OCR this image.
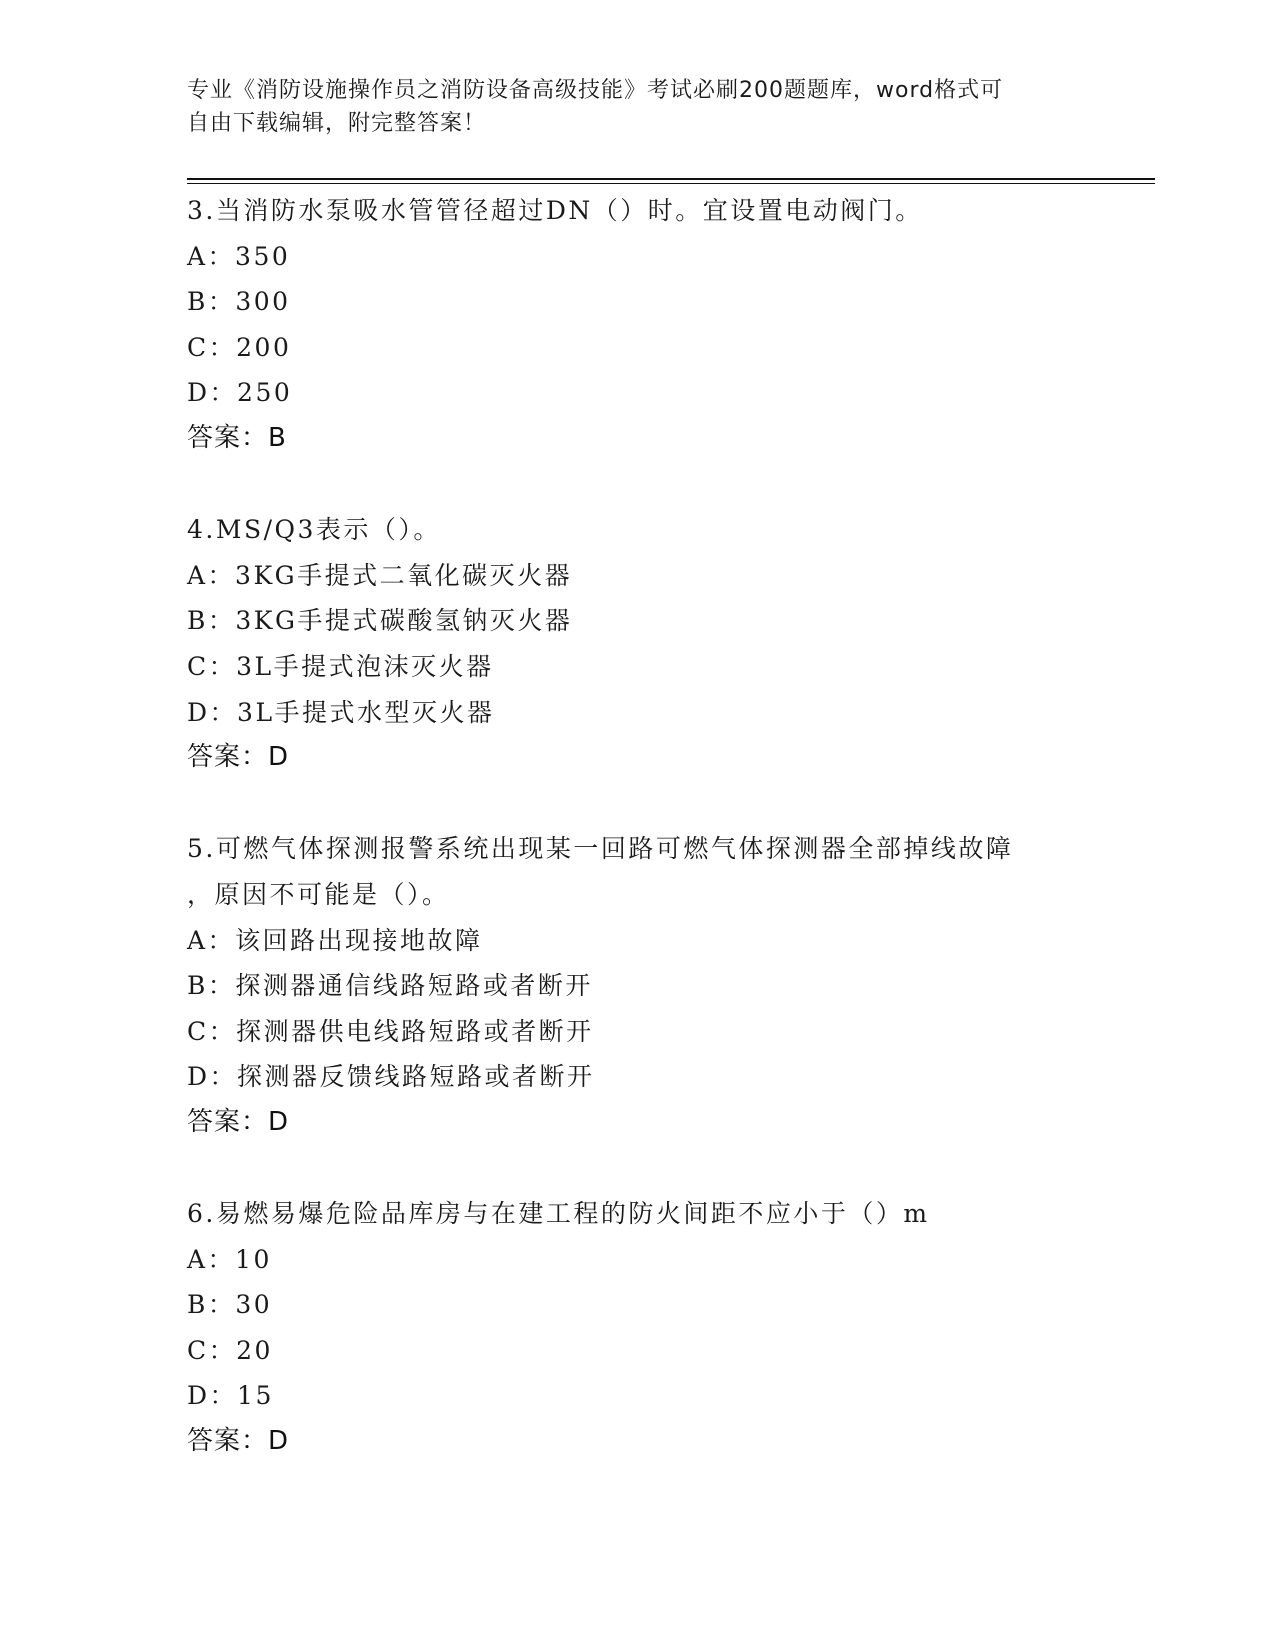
专业《消防设施操作员之消防设备高级技能》考试必刷200题题库，word格式可
自由下载编辑，附完整答案！
3.当消防水泵吸水管管径超过DN（）时。宜设置电动阀门。
A：350
B：300
C：200
D：250
答案：B
4.MS/Q3表示（）。
A：3KG手提式二氧化碳灭火器
B：3KG手提式碳酸氢钠灭火器
C：3L手提式泡沫灭火器
D：3L手提式水型灭火器
答案：D
5.可燃气体探测报警系统出现某一回路可燃气体探测器全部掉线故障
，原因不可能是（）。
A：该回路出现接地故障
B：探测器通信线路短路或者断开
C：探测器供电线路短路或者断开
D：探测器反馈线路短路或者断开
答案：D
6.易燃易爆危险品库房与在建工程的防火间距不应小于（）m
A：10
B：30
C：20
D：15
答案：D
